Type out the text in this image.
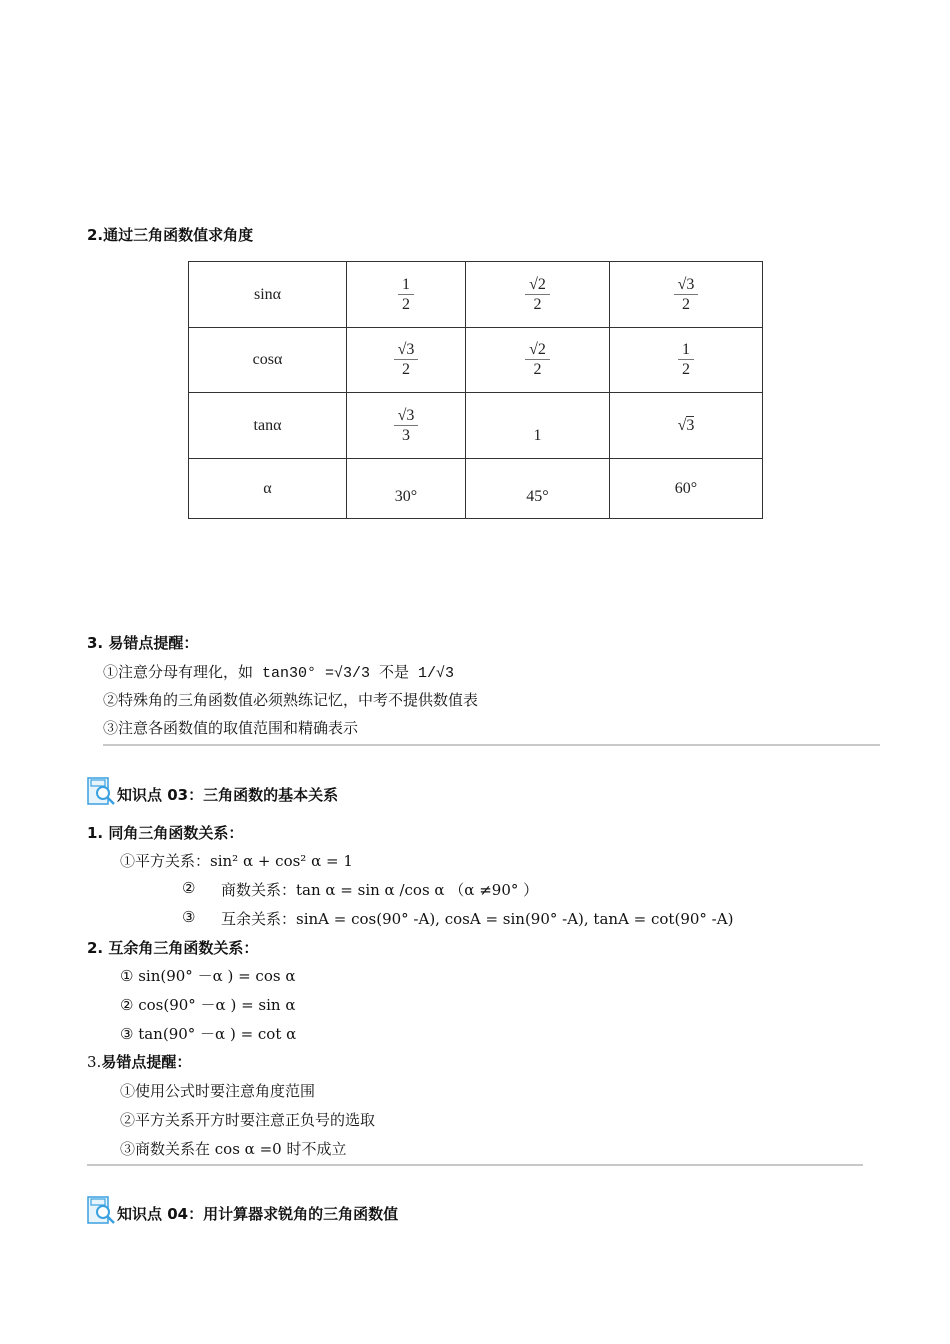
2.通过三角函数值求角度
sinα	$\frac{1}{2}$	$\frac{√2}{2}$	$\frac{√3}{2}$

cosα	$\frac{√3}{2}$	$\frac{√2}{2}$	$\frac{1}{2}$

tanα	$\frac{√3}{3}$	1	√3
α	30°	45°	60°
3. 易错点提醒：
①注意分母有理化，如 tan30° =√3/3 不是 1/√3
②特殊角的三角函数值必须熟练记忆，中考不提供数值表
③注意各函数值的取值范围和精确表示
知识点 03：三角函数的基本关系
1. 同角三角函数关系：
①平方关系：sin² α + cos² α = 1
② 商数关系：tan α = sin α /cos α （α ≠90° ）
③ 互余关系：sinA = cos(90° -A), cosA = sin(90° -A), tanA = cot(90° -A)
2. 互余角三角函数关系：
① sin(90° －α ) = cos α
② cos(90° －α ) = sin α
③ tan(90° －α ) = cot α
3.易错点提醒：
①使用公式时要注意角度范围
②平方关系开方时要注意正负号的选取
③商数关系在 cos α =0 时不成立
知识点 04：用计算器求锐角的三角函数值
